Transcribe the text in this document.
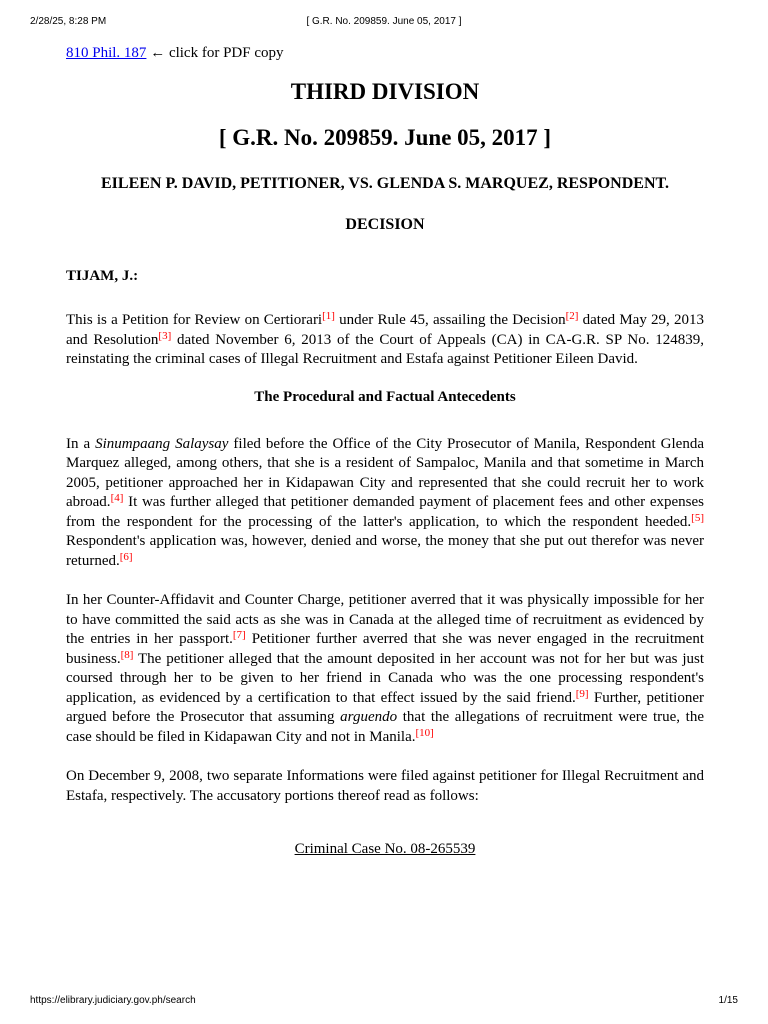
2/28/25, 8:28 PM	[ G.R. No. 209859. June 05, 2017 ]
810 Phil. 187 ← click for PDF copy
THIRD DIVISION
[ G.R. No. 209859. June 05, 2017 ]
EILEEN P. DAVID, PETITIONER, VS. GLENDA S. MARQUEZ, RESPONDENT.
DECISION
TIJAM, J.:

This is a Petition for Review on Certiorari[1] under Rule 45, assailing the Decision[2] dated May 29, 2013 and Resolution[3] dated November 6, 2013 of the Court of Appeals (CA) in CA-G.R. SP No. 124839, reinstating the criminal cases of Illegal Recruitment and Estafa against Petitioner Eileen David.

The Procedural and Factual Antecedents

In a Sinumpaang Salaysay filed before the Office of the City Prosecutor of Manila, Respondent Glenda Marquez alleged, among others, that she is a resident of Sampaloc, Manila and that sometime in March 2005, petitioner approached her in Kidapawan City and represented that she could recruit her to work abroad.[4] It was further alleged that petitioner demanded payment of placement fees and other expenses from the respondent for the processing of the latter's application, to which the respondent heeded.[5] Respondent's application was, however, denied and worse, the money that she put out therefor was never returned.[6]

In her Counter-Affidavit and Counter Charge, petitioner averred that it was physically impossible for her to have committed the said acts as she was in Canada at the alleged time of recruitment as evidenced by the entries in her passport.[7] Petitioner further averred that she was never engaged in the recruitment business.[8] The petitioner alleged that the amount deposited in her account was not for her but was just coursed through her to be given to her friend in Canada who was the one processing respondent's application, as evidenced by a certification to that effect issued by the said friend.[9] Further, petitioner argued before the Prosecutor that assuming arguendo that the allegations of recruitment were true, the case should be filed in Kidapawan City and not in Manila.[10]

On December 9, 2008, two separate Informations were filed against petitioner for Illegal Recruitment and Estafa, respectively. The accusatory portions thereof read as follows:

Criminal Case No. 08-265539
https://elibrary.judiciary.gov.ph/search	1/15
